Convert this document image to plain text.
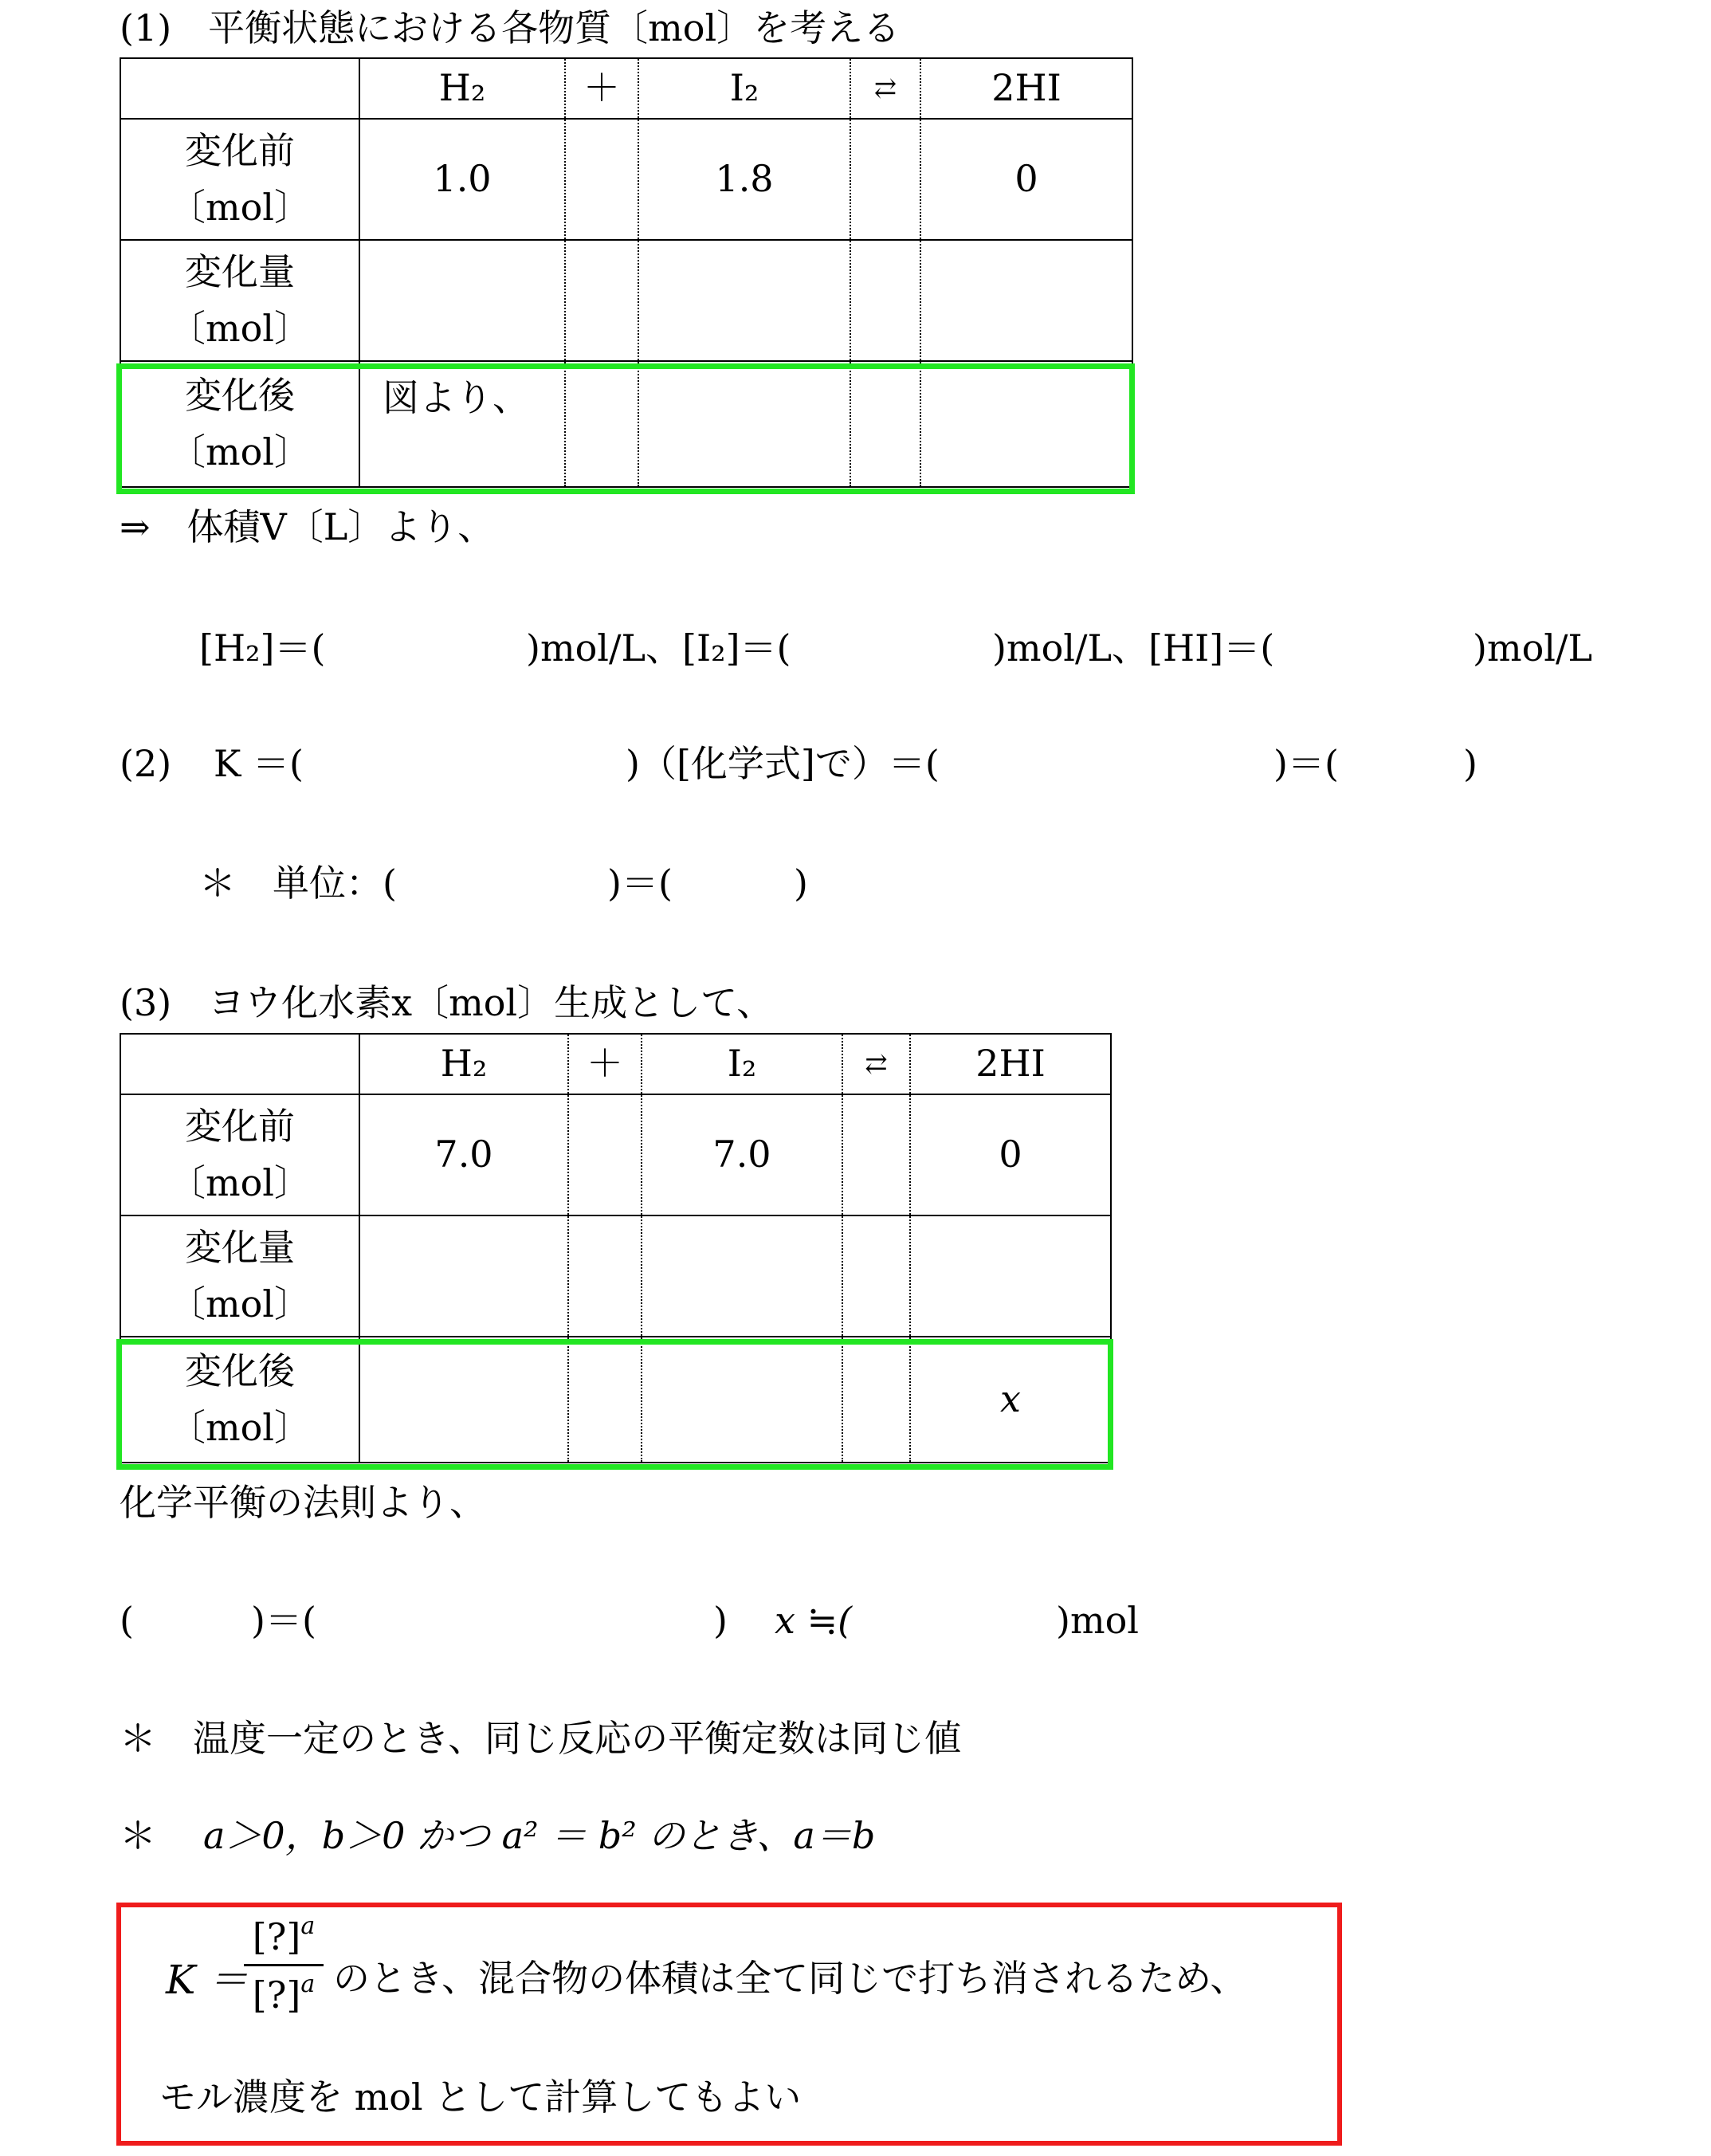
(1)　平衡状態における各物質〔mol〕を考える
	H₂	＋	I₂	⇄	2HI
変化前
〔mol〕	1.0		1.8		0
変化量
〔mol〕					
変化後
〔mol〕	図より、				
⇒　体積V〔L〕より、
[H₂]＝(	)mol/L、[I₂]＝(	)mol/L、[HI]＝(	)mol/L
(2) K ＝(	)（[化学式]で）＝(	)＝(	)
＊　単位：(	)＝(	)
(3)　ヨウ化水素x〔mol〕生成として、
	H₂	＋	I₂	⇄	2HI
変化前
〔mol〕	7.0		7.0		0
変化量
〔mol〕					
変化後
〔mol〕					x
化学平衡の法則より、
(	)＝(	) x ≒(	)mol
＊　温度一定のとき、同じ反応の平衡定数は同じ値
＊ a＞0，b＞0 かつ a² ＝ b² のとき、a＝b
K ＝
[?]$^a$
[?]$^a$ のとき、混合物の体積は全て同じで打ち消されるため、
モル濃度を mol として計算してもよい
